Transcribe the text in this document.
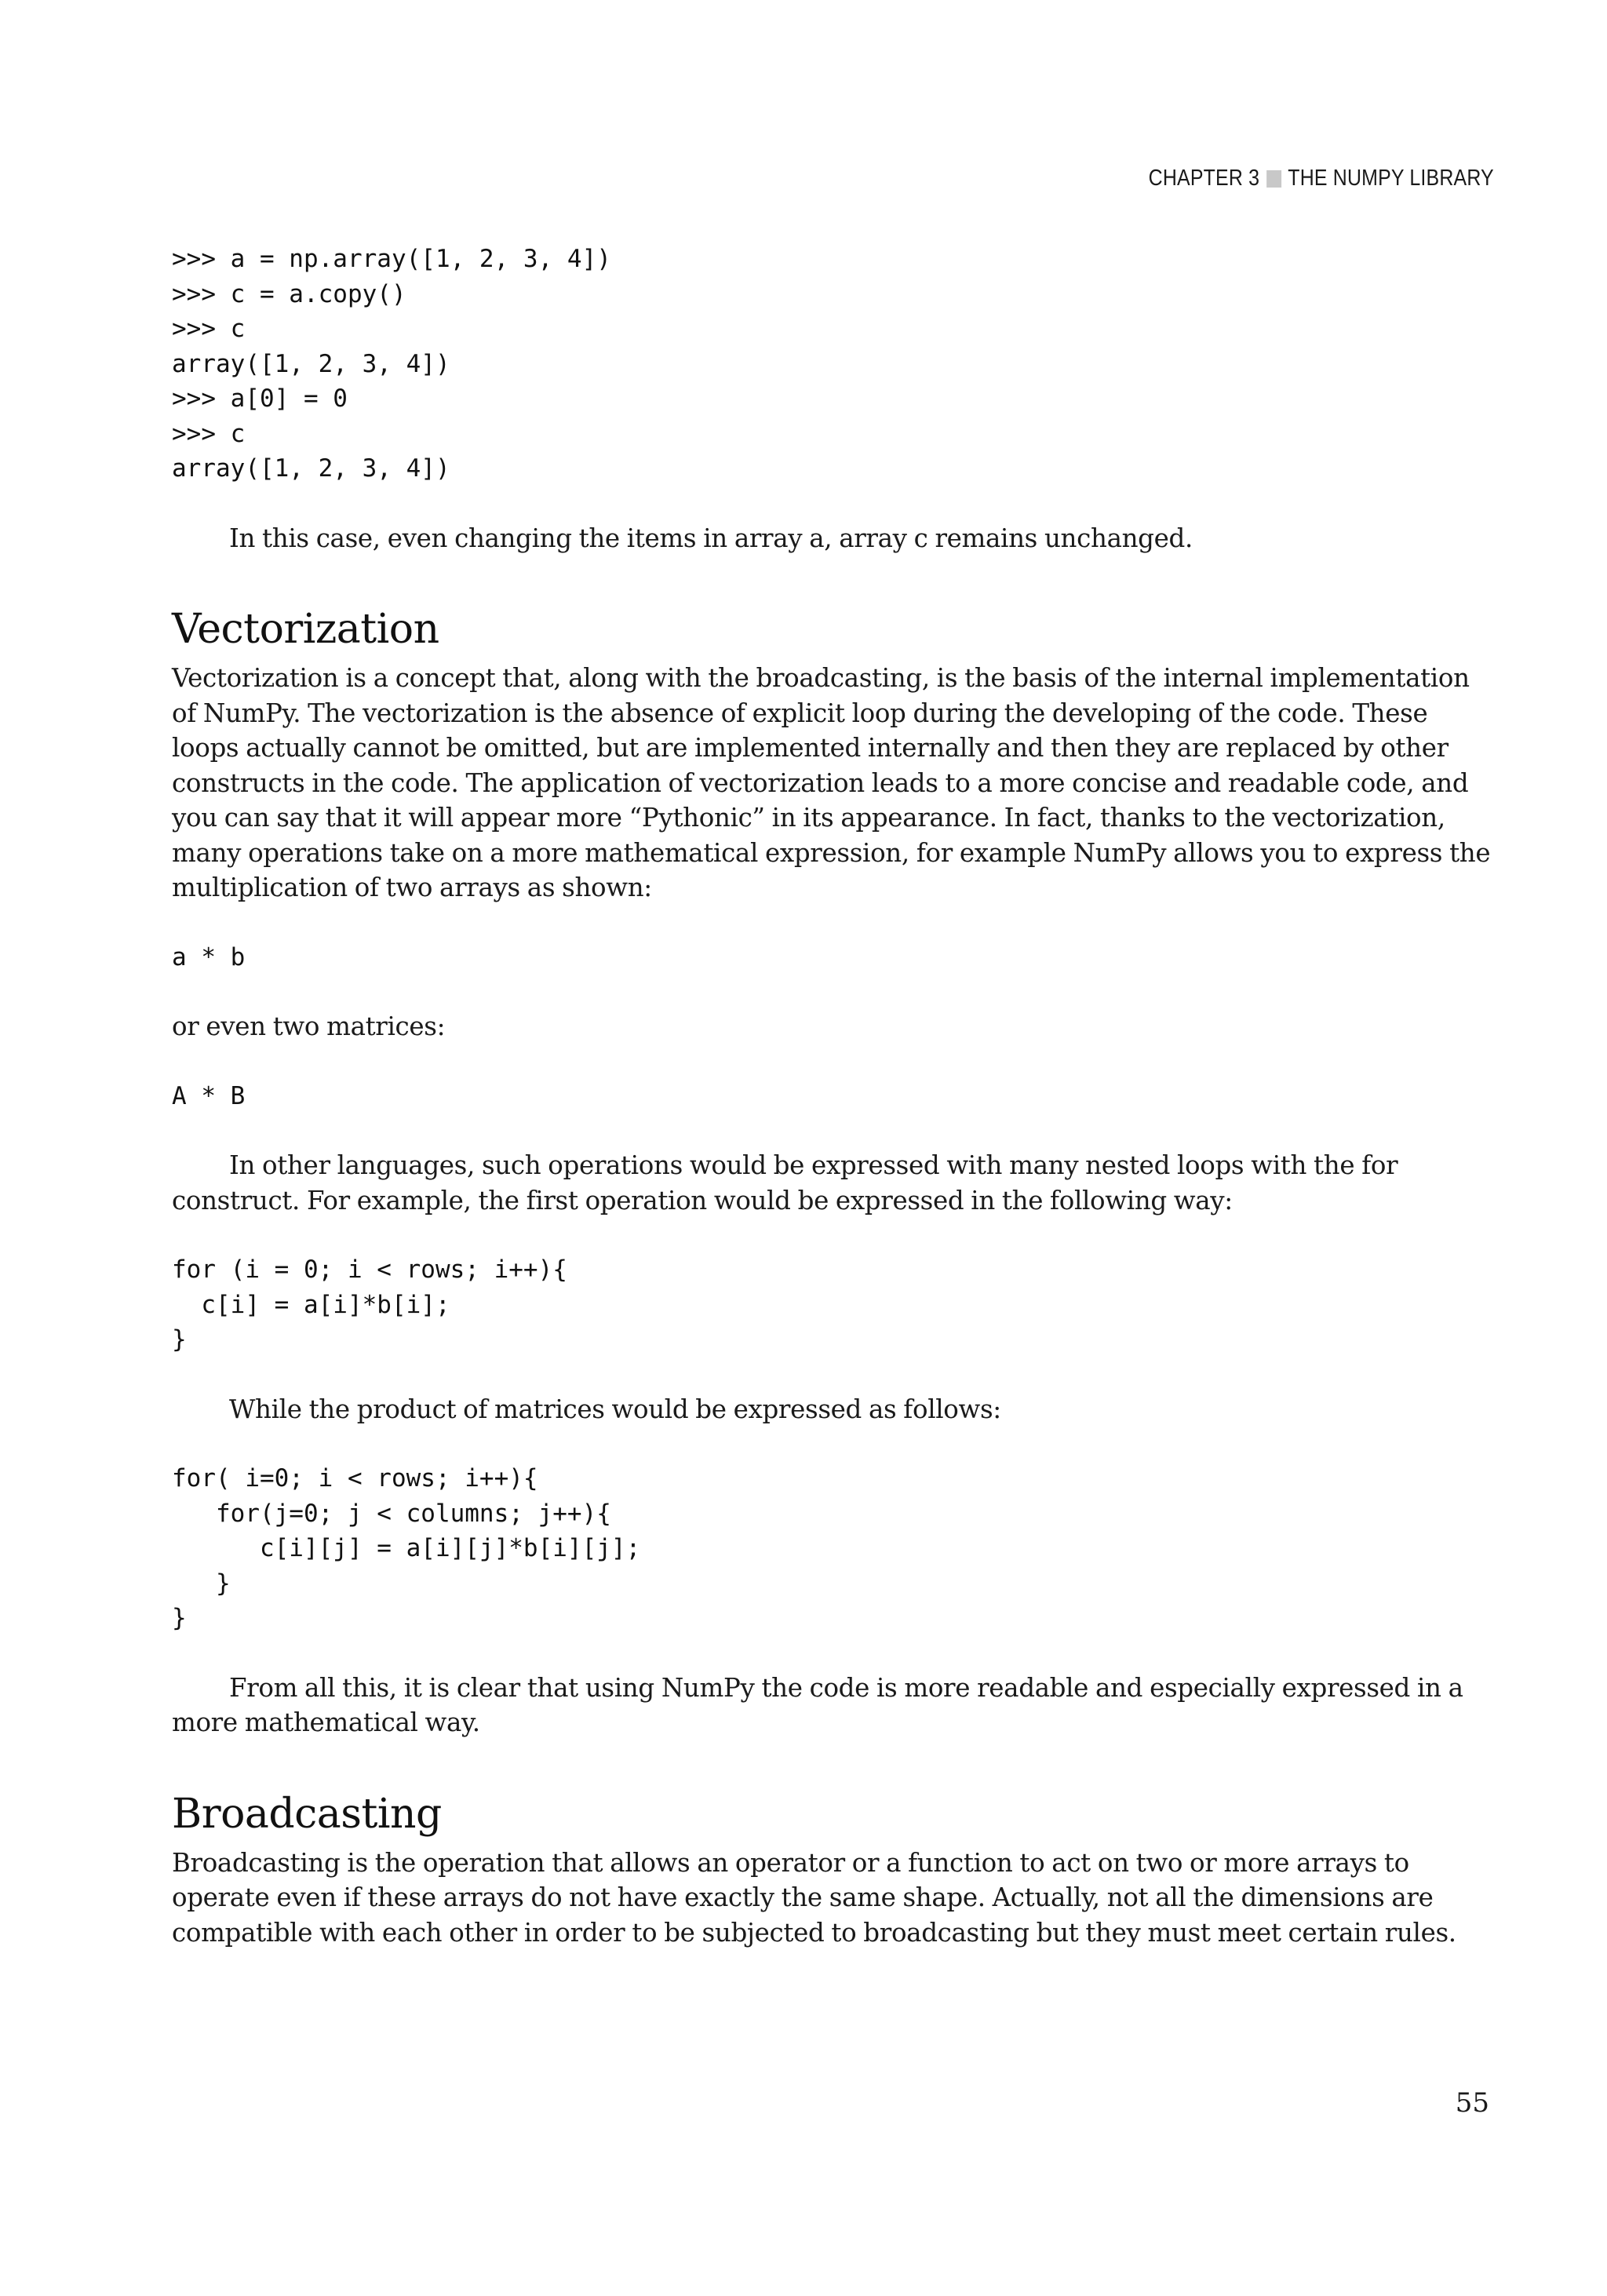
CHAPTER 3 THE NUMPY LIBRARY
>>> a = np.array([1, 2, 3, 4])
>>> c = a.copy()
>>> c
array([1, 2, 3, 4])
>>> a[0] = 0
>>> c
array([1, 2, 3, 4])

In this case, even changing the items in array a, array c remains unchanged.

Vectorization

Vectorization is a concept that, along with the broadcasting, is the basis of the internal implementation of NumPy. The vectorization is the absence of explicit loop during the developing of the code. These loops actually cannot be omitted, but are implemented internally and then they are replaced by other constructs in the code. The application of vectorization leads to a more concise and readable code, and you can say that it will appear more “Pythonic” in its appearance. In fact, thanks to the vectorization, many operations take on a more mathematical expression, for example NumPy allows you to express the multiplication of two arrays as shown:

a * b

or even two matrices:

A * B

In other languages, such operations would be expressed with many nested loops with the for construct. For example, the first operation would be expressed in the following way:

for (i = 0; i < rows; i++){
c[i] = a[i]*b[i];
}

While the product of matrices would be expressed as follows:

for( i=0; i < rows; i++){
for(j=0; j < columns; j++){
c[i][j] = a[i][j]*b[i][j];
}
}

From all this, it is clear that using NumPy the code is more readable and especially expressed in a more mathematical way.

Broadcasting

Broadcasting is the operation that allows an operator or a function to act on two or more arrays to operate even if these arrays do not have exactly the same shape. Actually, not all the dimensions are compatible with each other in order to be subjected to broadcasting but they must meet certain rules.

55
